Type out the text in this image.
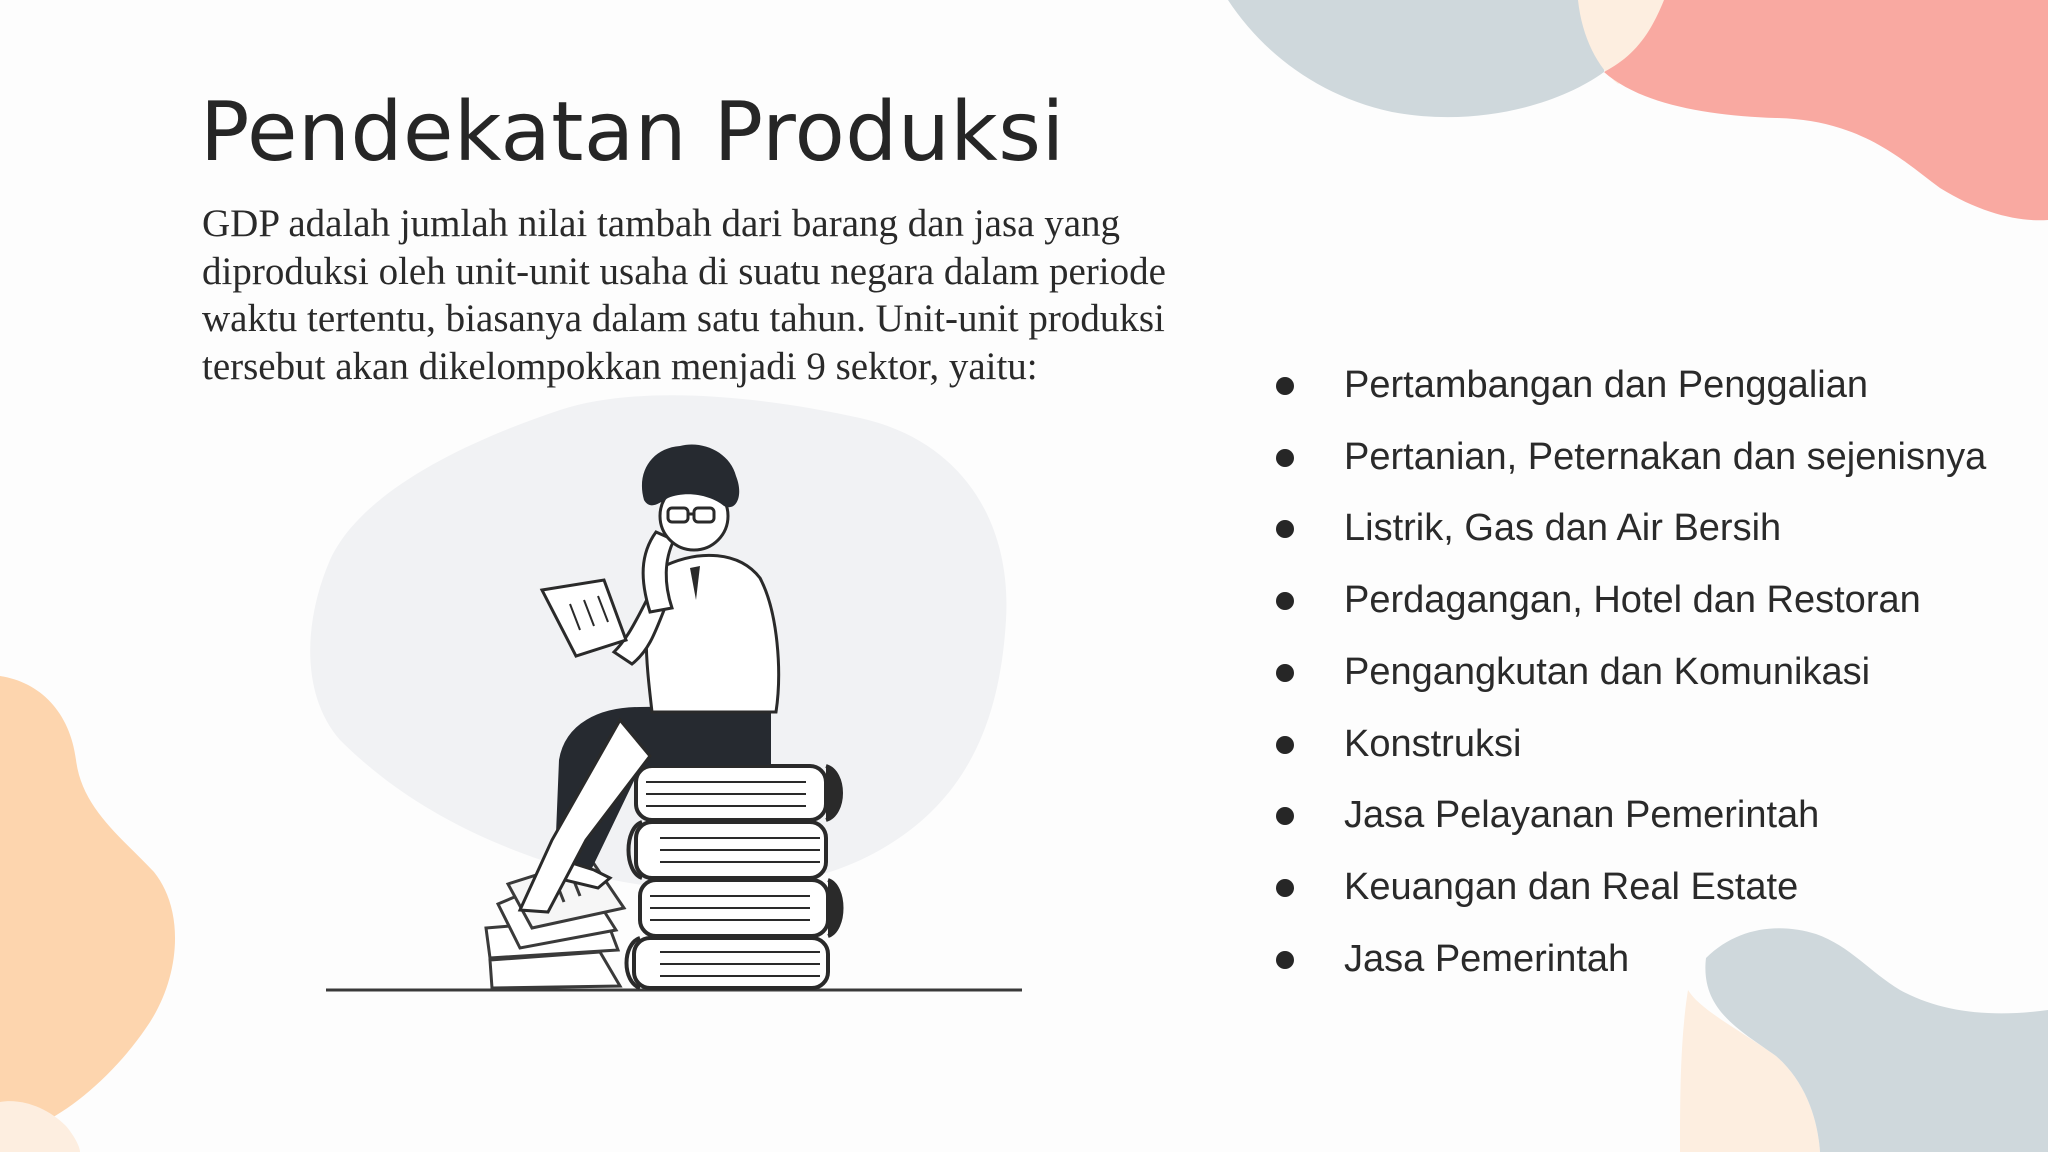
Pendekatan Produksi

GDP adalah jumlah nilai tambah dari barang dan jasa yang diproduksi oleh unit-unit usaha di suatu negara dalam periode waktu tertentu, biasanya dalam satu tahun. Unit-unit produksi tersebut akan dikelompokkan menjadi 9 sektor, yaitu:	Pertambangan dan Penggalian
Pertanian, Peternakan dan sejenisnya
Listrik, Gas dan Air Bersih
Perdagangan, Hotel dan Restoran
Pengangkutan dan Komunikasi
Konstruksi
Jasa Pelayanan Pemerintah
Keuangan dan Real Estate
Jasa Pemerintah
